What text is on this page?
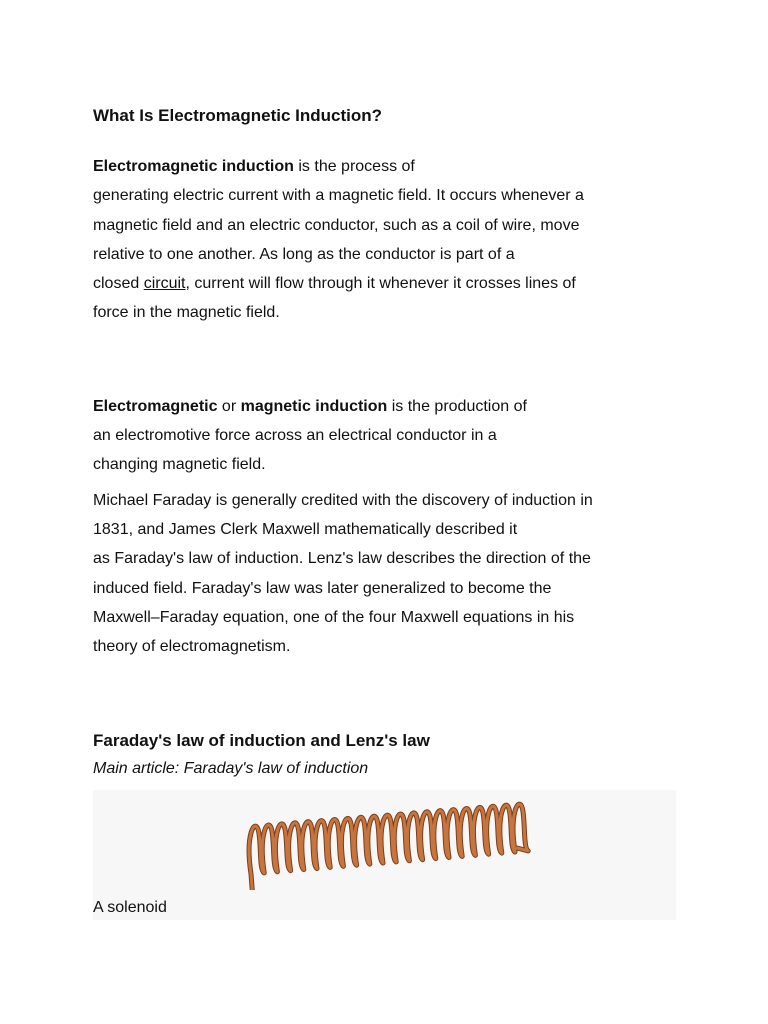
What Is Electromagnetic Induction?

Electromagnetic induction is the process of
generating electric current with a magnetic field. It occurs whenever a
magnetic field and an electric conductor, such as a coil of wire, move
relative to one another. As long as the conductor is part of a
closed circuit, current will flow through it whenever it crosses lines of
force in the magnetic field.

Electromagnetic or magnetic induction is the production of
an electromotive force across an electrical conductor in a
changing magnetic field.

Michael Faraday is generally credited with the discovery of induction in
1831, and James Clerk Maxwell mathematically described it
as Faraday's law of induction. Lenz's law describes the direction of the
induced field. Faraday's law was later generalized to become the
Maxwell–Faraday equation, one of the four Maxwell equations in his
theory of electromagnetism.

Faraday's law of induction and Lenz's law

Main article: Faraday's law of induction

A solenoid
